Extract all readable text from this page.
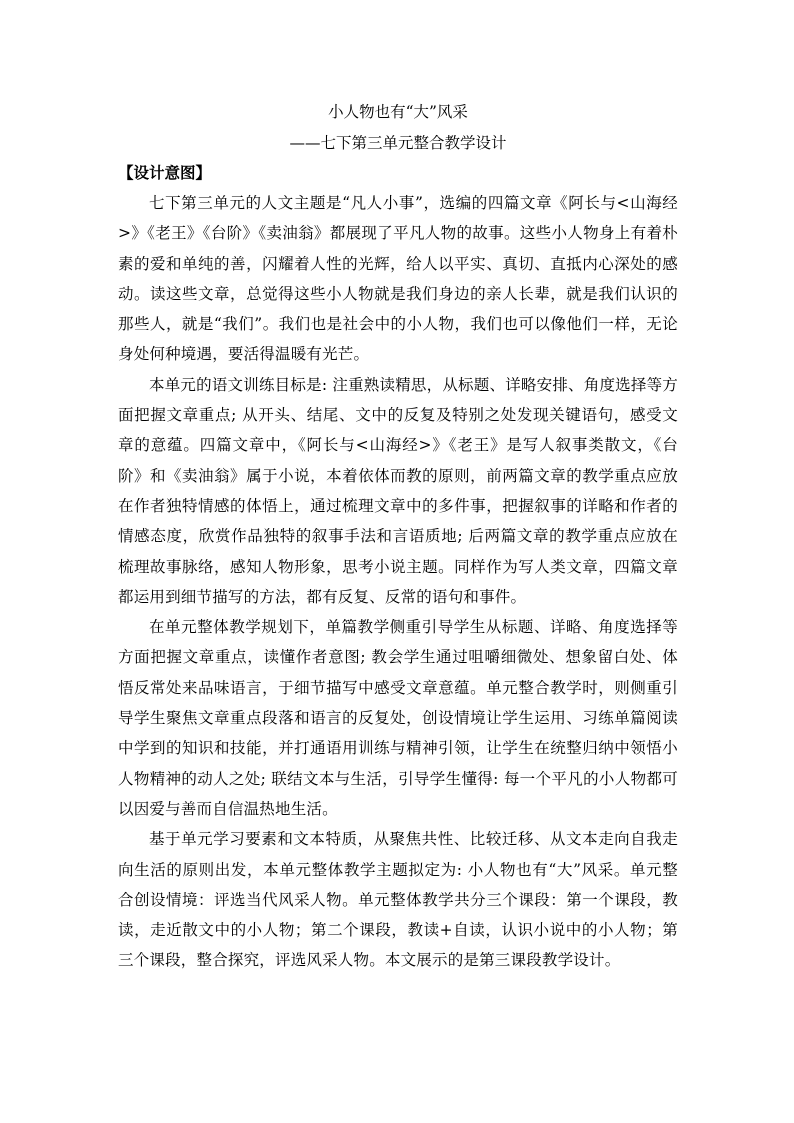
小人物也有“大”风采
——七下第三单元整合教学设计
【设计意图】

七下第三单元的人文主题是“凡人小事”，选编的四篇文章《阿长与<山海经>》《老王》《台阶》《卖油翁》都展现了平凡人物的故事。这些小人物身上有着朴素的爱和单纯的善，闪耀着人性的光辉，给人以平实、真切、直抵内心深处的感动。读这些文章，总觉得这些小人物就是我们身边的亲人长辈，就是我们认识的那些人，就是“我们”。我们也是社会中的小人物，我们也可以像他们一样，无论身处何种境遇，要活得温暖有光芒。

本单元的语文训练目标是: 注重熟读精思，从标题、详略安排、角度选择等方面把握文章重点; 从开头、结尾、文中的反复及特别之处发现关键语句，感受文章的意蕴。四篇文章中，《阿长与<山海经>》《老王》是写人叙事类散文，《台阶》和《卖油翁》属于小说，本着依体而教的原则，前两篇文章的教学重点应放在作者独特情感的体悟上，通过梳理文章中的多件事，把握叙事的详略和作者的情感态度，欣赏作品独特的叙事手法和言语质地; 后两篇文章的教学重点应放在梳理故事脉络，感知人物形象，思考小说主题。同样作为写人类文章，四篇文章都运用到细节描写的方法，都有反复、反常的语句和事件。

在单元整体教学规划下，单篇教学侧重引导学生从标题、详略、角度选择等方面把握文章重点，读懂作者意图; 教会学生通过咀嚼细微处、想象留白处、体悟反常处来品味语言，于细节描写中感受文章意蕴。单元整合教学时，则侧重引导学生聚焦文章重点段落和语言的反复处，创设情境让学生运用、习练单篇阅读中学到的知识和技能，并打通语用训练与精神引领，让学生在统整归纳中领悟小人物精神的动人之处; 联结文本与生活，引导学生懂得: 每一个平凡的小人物都可以因爱与善而自信温热地生活。

基于单元学习要素和文本特质，从聚焦共性、比较迁移、从文本走向自我走向生活的原则出发，本单元整体教学主题拟定为: 小人物也有“大”风采。单元整合创设情境：评选当代风采人物。单元整体教学共分三个课段：第一个课段，教读，走近散文中的小人物；第二个课段，教读+自读，认识小说中的小人物；第三个课段，整合探究，评选风采人物。本文展示的是第三课段教学设计。
